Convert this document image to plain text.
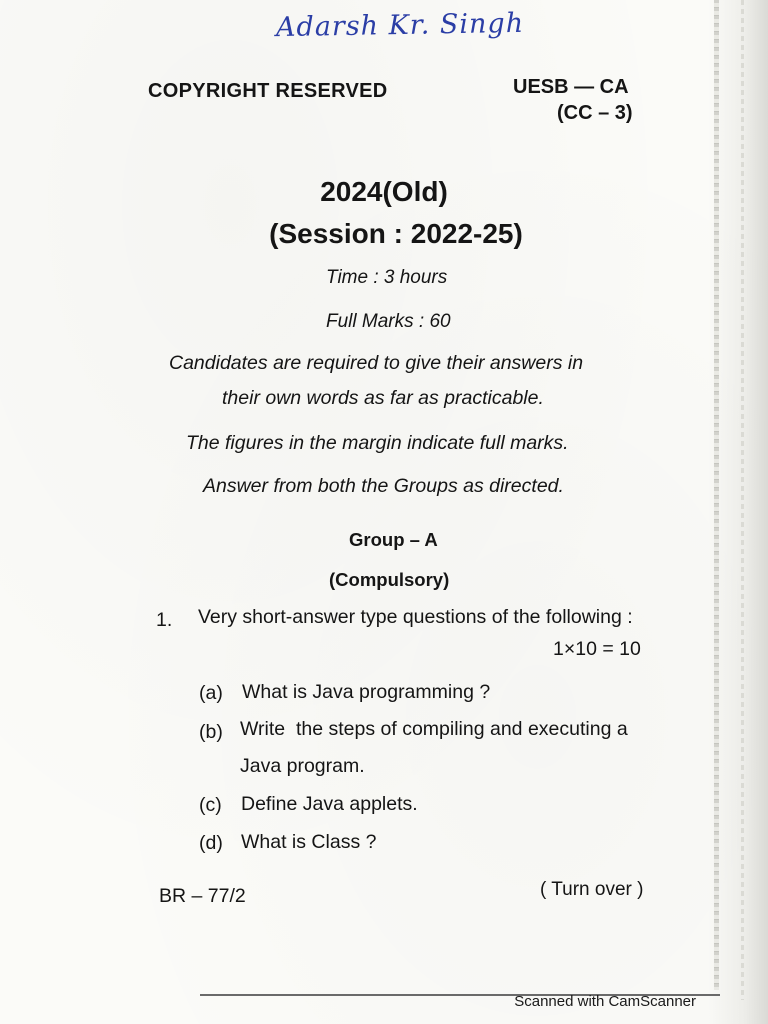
Adarsh Kr. Singh
COPYRIGHT RESERVED	UESB — CA
(CC – 3)
2024(Old)
(Session : 2022-25)
Time : 3 hours
Full Marks : 60
Candidates are required to give their answers in
their own words as far as practicable.
The figures in the margin indicate full marks.
Answer from both the Groups as directed.
Group – A
(Compulsory)
1. Very short-answer type questions of the following :
1×10 = 10
(a) What is Java programming ?
(b) Write  the steps of compiling and executing a
Java program.
(c) Define Java applets.
(d) What is Class ?
BR – 77/2	( Turn over )
Scanned with CamScanner
